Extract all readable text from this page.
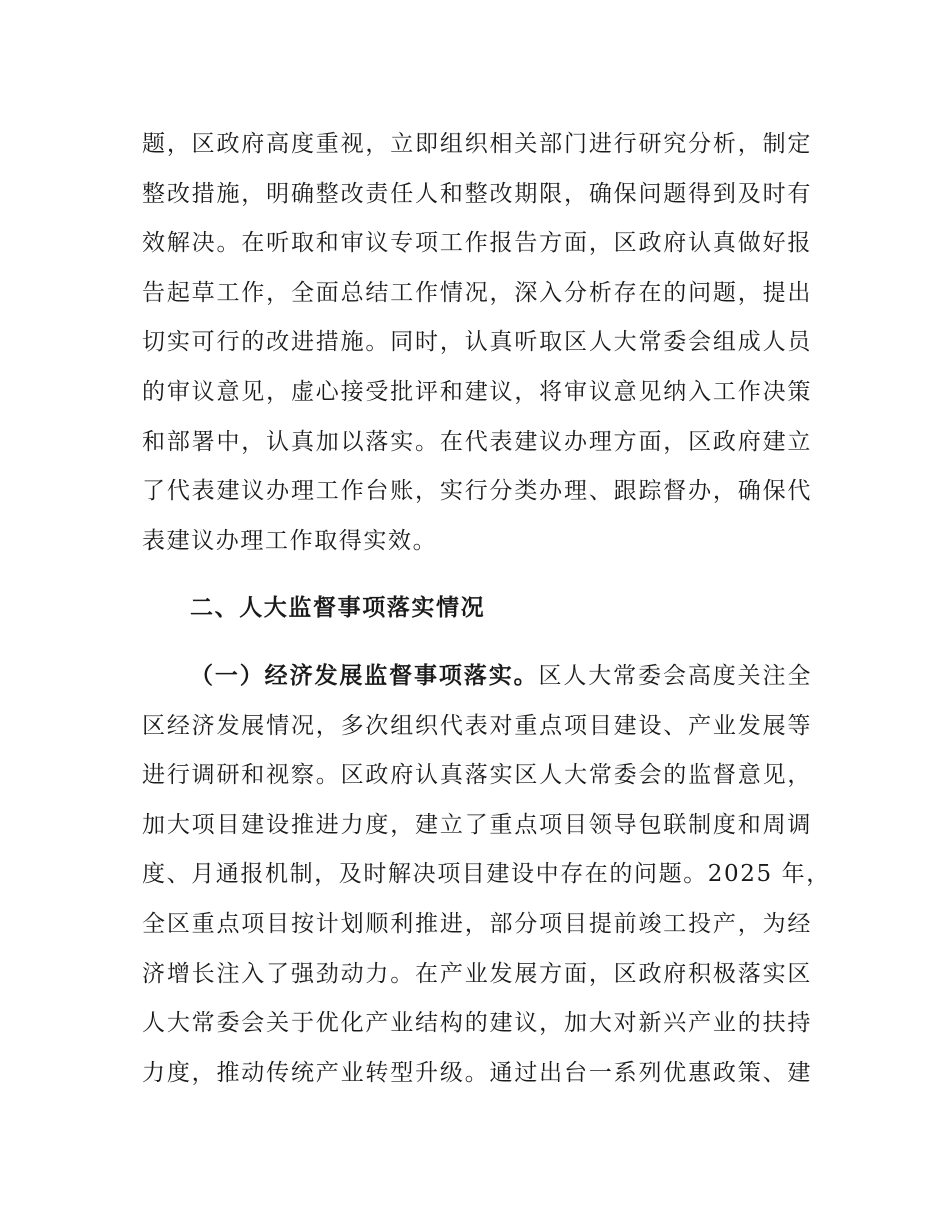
题，区政府高度重视，立即组织相关部门进行研究分析，制定
整改措施，明确整改责任人和整改期限，确保问题得到及时有
效解决。在听取和审议专项工作报告方面，区政府认真做好报
告起草工作，全面总结工作情况，深入分析存在的问题，提出
切实可行的改进措施。同时，认真听取区人大常委会组成人员
的审议意见，虚心接受批评和建议，将审议意见纳入工作决策
和部署中，认真加以落实。在代表建议办理方面，区政府建立
了代表建议办理工作台账，实行分类办理、跟踪督办，确保代
表建议办理工作取得实效。
二、人大监督事项落实情况
（一）经济发展监督事项落实。区人大常委会高度关注全
区经济发展情况，多次组织代表对重点项目建设、产业发展等
进行调研和视察。区政府认真落实区人大常委会的监督意见，
加大项目建设推进力度，建立了重点项目领导包联制度和周调
度、月通报机制，及时解决项目建设中存在的问题。2025 年，
全区重点项目按计划顺利推进，部分项目提前竣工投产，为经
济增长注入了强劲动力。在产业发展方面，区政府积极落实区
人大常委会关于优化产业结构的建议，加大对新兴产业的扶持
力度，推动传统产业转型升级。通过出台一系列优惠政策、建
